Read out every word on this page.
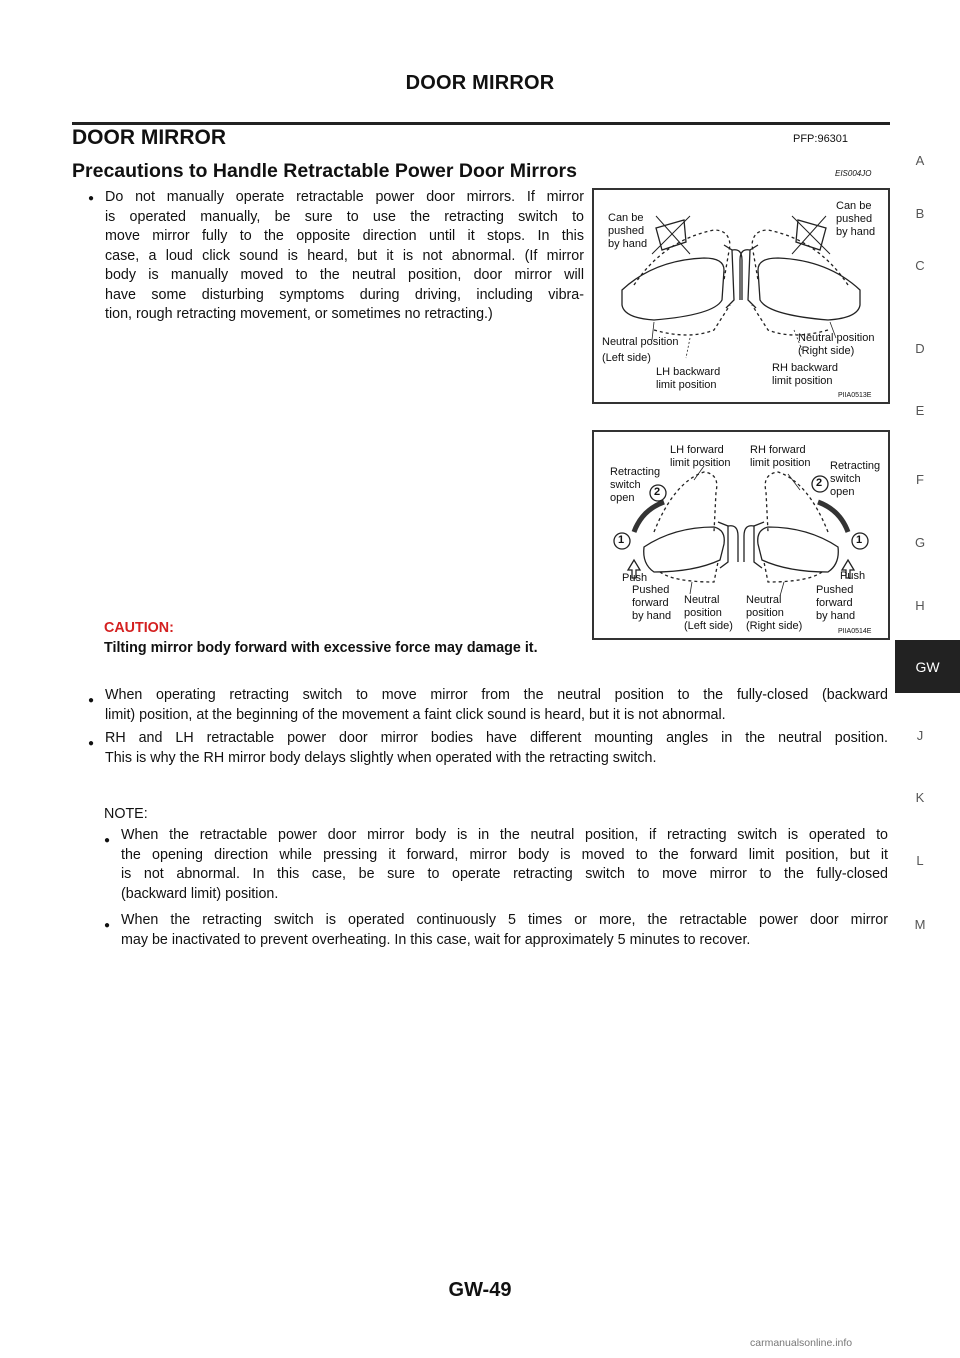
DOOR MIRROR
DOOR MIRROR	PFP:96301
Precautions to Handle Retractable Power Door Mirrors	EIS004JO
● Do not manually operate retractable power door mirrors. If mirror
is operated manually, be sure to use the retracting switch to
move mirror fully to the opposite direction until it stops. In this
case, a loud click sound is heard, but it is not abnormal. (If mirror
body is manually moved to the neutral position, door mirror will
have some disturbing symptoms during driving, including vibra-
tion, rough retracting movement, or sometimes no retracting.)
Can be
pushed
by hand
Can be
pushed
by hand
Neutral position
(Left side)
LH backward
limit position
RH backward
limit position
Neutral position
(Right side)
PIIA0513E
1
2
1
2
Retracting
switch
open
LH forward
limit position
RH forward
limit position Retracting
switch
open
Push	Push
Pushed
forward
by hand
Neutral
position
(Left side)
Neutral
position
(Right side)
Pushed
forward
by hand
PIIA0514E
CAUTION:
Tilting mirror body forward with excessive force may damage it.
● When operating retracting switch to move mirror from the neutral position to the fully-closed (backward
limit) position, at the beginning of the movement a faint click sound is heard, but it is not abnormal.
● RH and LH retractable power door mirror bodies have different mounting angles in the neutral position.
This is why the RH mirror body delays slightly when operated with the retracting switch.
NOTE:
● When the retractable power door mirror body is in the neutral position, if retracting switch is operated to
the opening direction while pressing it forward, mirror body is moved to the forward limit position, but it
is not abnormal. In this case, be sure to operate retracting switch to move mirror to the fully-closed
(backward limit) position.
● When the retracting switch is operated continuously 5 times or more, the retractable power door mirror
may be inactivated to prevent overheating. In this case, wait for approximately 5 minutes to recover.
A
B
C
D
E
F
G
H
J
K
L
M
GW
GW-49
carmanualsonline.info
